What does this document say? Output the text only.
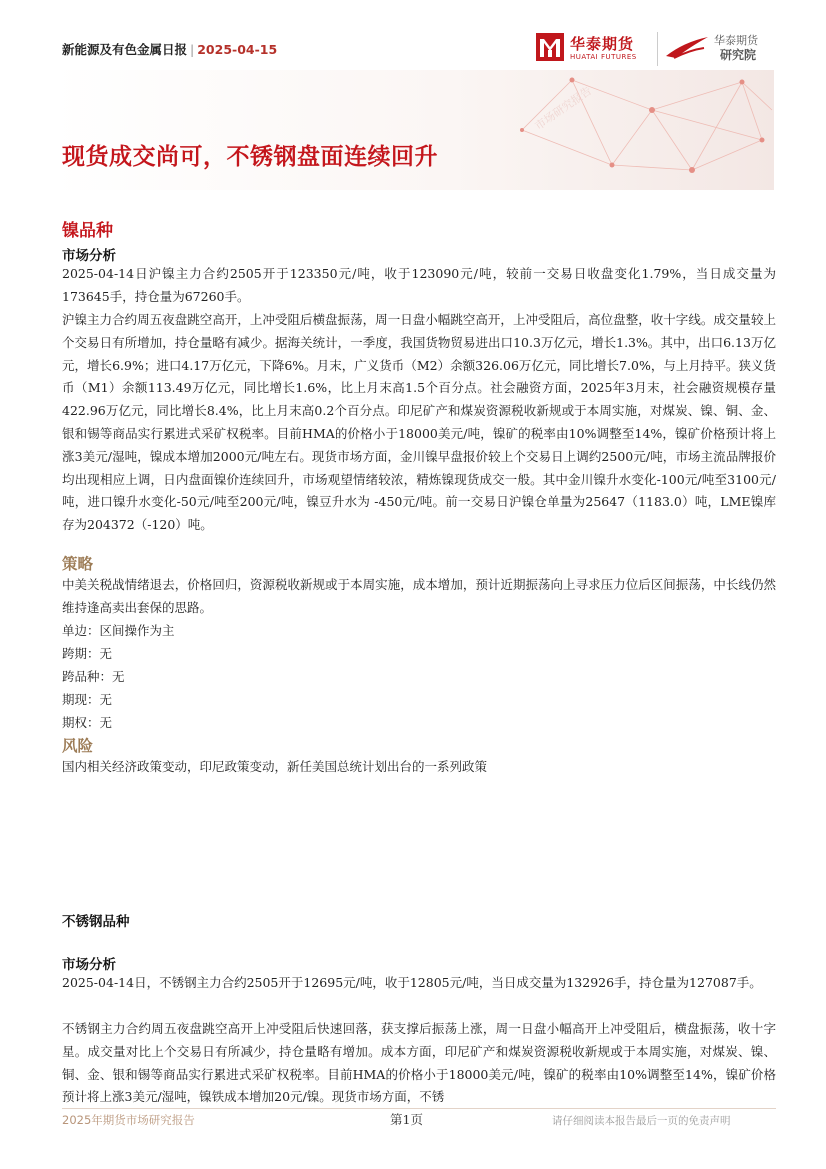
新能源及有色金属日报 | 2025-04-15	华泰期货
HUATAI FUTURES
华泰期货
研究院
市场研究报告
现货成交尚可，不锈钢盘面连续回升
镍品种
市场分析
2025-04-14日沪镍主力合约2505开于123350元/吨，收于123090元/吨，较前一交易日收盘变化1.79%，当日成交量为173645手，持仓量为67260手。
沪镍主力合约周五夜盘跳空高开，上冲受阻后横盘振荡，周一日盘小幅跳空高开，上冲受阻后，高位盘整，收十字线。成交量较上个交易日有所增加，持仓量略有减少。据海关统计，一季度，我国货物贸易进出口10.3万亿元，增长1.3%。其中，出口6.13万亿元，增长6.9%；进口4.17万亿元，下降6%。月末，广义货币（M2）余额326.06万亿元，同比增长7.0%，与上月持平。狭义货币（M1）余额113.49万亿元，同比增长1.6%，比上月末高1.5个百分点。社会融资方面，2025年3月末，社会融资规模存量422.96万亿元，同比增长8.4%，比上月末高0.2个百分点。印尼矿产和煤炭资源税收新规或于本周实施，对煤炭、镍、铜、金、银和锡等商品实行累进式采矿权税率。目前HMA的价格小于18000美元/吨，镍矿的税率由10%调整至14%，镍矿价格预计将上涨3美元/湿吨，镍成本增加2000元/吨左右。现货市场方面，金川镍早盘报价较上个交易日上调约2500元/吨，市场主流品牌报价均出现相应上调，日内盘面镍价连续回升，市场观望情绪较浓，精炼镍现货成交一般。其中金川镍升水变化-100元/吨至3100元/吨，进口镍升水变化-50元/吨至200元/吨，镍豆升水为 -450元/吨。前一交易日沪镍仓单量为25647（1183.0）吨，LME镍库存为204372（-120）吨。
策略
中美关税战情绪退去，价格回归，资源税收新规或于本周实施，成本增加，预计近期振荡向上寻求压力位后区间振荡，中长线仍然维持逢高卖出套保的思路。
单边：区间操作为主
跨期：无
跨品种：无
期现：无
期权：无
风险
国内相关经济政策变动，印尼政策变动，新任美国总统计划出台的一系列政策
不锈钢品种
市场分析
2025-04-14日，不锈钢主力合约2505开于12695元/吨，收于12805元/吨，当日成交量为132926手，持仓量为127087手。
不锈钢主力合约周五夜盘跳空高开上冲受阻后快速回落，获支撑后振荡上涨，周一日盘小幅高开上冲受阻后，横盘振荡，收十字星。成交量对比上个交易日有所减少，持仓量略有增加。成本方面，印尼矿产和煤炭资源税收新规或于本周实施，对煤炭、镍、铜、金、银和锡等商品实行累进式采矿权税率。目前HMA的价格小于18000美元/吨，镍矿的税率由10%调整至14%，镍矿价格预计将上涨3美元/湿吨，镍铁成本增加20元/镍。现货市场方面，不锈
2025年期货市场研究报告	第1页	请仔细阅读本报告最后一页的免责声明
